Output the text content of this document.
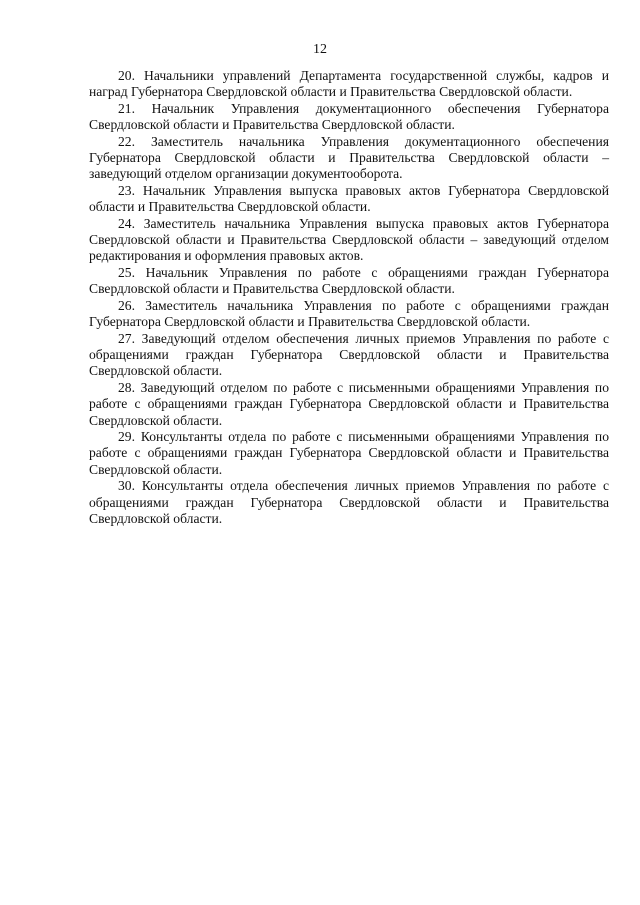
12

20. Начальники управлений Департамента государственной службы, кадров и наград Губернатора Свердловской области и Правительства Свердловской области.

21. Начальник Управления документационного обеспечения Губернатора Свердловской области и Правительства Свердловской области.

22. Заместитель начальника Управления документационного обеспечения Губернатора Свердловской области и Правительства Свердловской области – заведующий отделом организации документооборота.

23. Начальник Управления выпуска правовых актов Губернатора Свердловской области и Правительства Свердловской области.

24. Заместитель начальника Управления выпуска правовых актов Губернатора Свердловской области и Правительства Свердловской области – заведующий отделом редактирования и оформления правовых актов.

25. Начальник Управления по работе с обращениями граждан Губернатора Свердловской области и Правительства Свердловской области.

26. Заместитель начальника Управления по работе с обращениями граждан Губернатора Свердловской области и Правительства Свердловской области.

27. Заведующий отделом обеспечения личных приемов Управления по работе с обращениями граждан Губернатора Свердловской области и Правительства Свердловской области.

28. Заведующий отделом по работе с письменными обращениями Управления по работе с обращениями граждан Губернатора Свердловской области и Правительства Свердловской области.

29. Консультанты отдела по работе с письменными обращениями Управления по работе с обращениями граждан Губернатора Свердловской области и Правительства Свердловской области.

30. Консультанты отдела обеспечения личных приемов Управления по работе с обращениями граждан Губернатора Свердловской области и Правительства Свердловской области.
